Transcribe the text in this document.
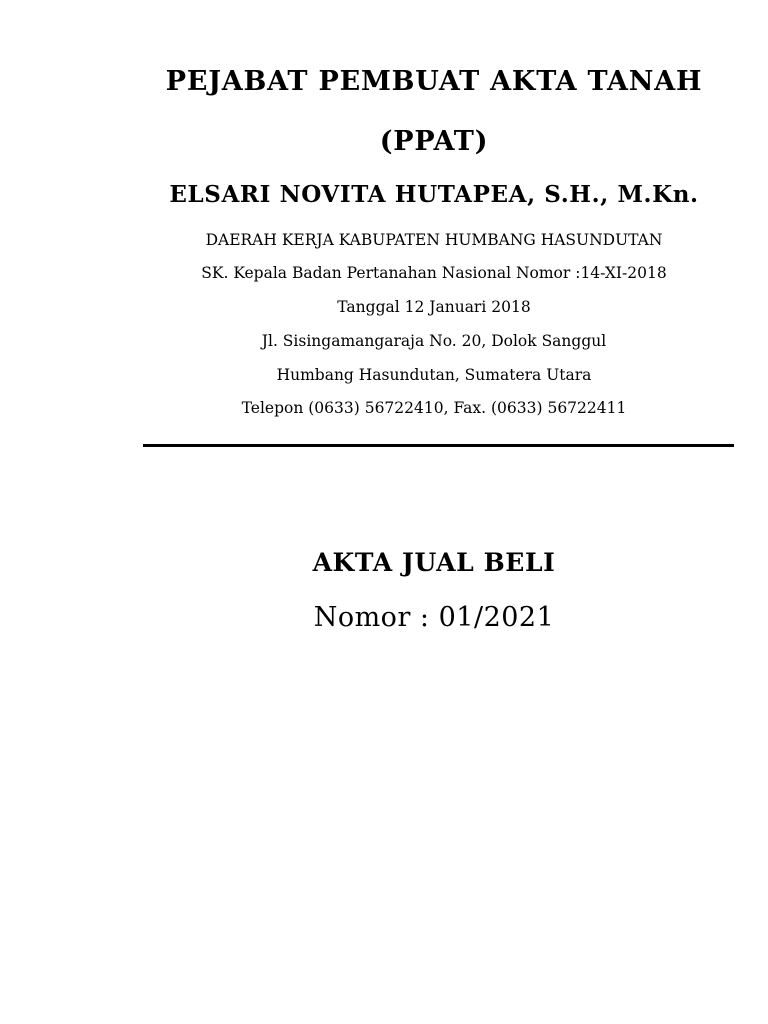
PEJABAT PEMBUAT AKTA TANAH
(PPAT)
ELSARI NOVITA HUTAPEA, S.H., M.Kn.
DAERAH KERJA KABUPATEN HUMBANG HASUNDUTAN
SK. Kepala Badan Pertanahan Nasional Nomor :14-XI-2018
Tanggal 12 Januari 2018
Jl. Sisingamangaraja No. 20, Dolok Sanggul
Humbang Hasundutan, Sumatera Utara
Telepon (0633) 56722410, Fax. (0633) 56722411
AKTA JUAL BELI
Nomor : 01/2021
